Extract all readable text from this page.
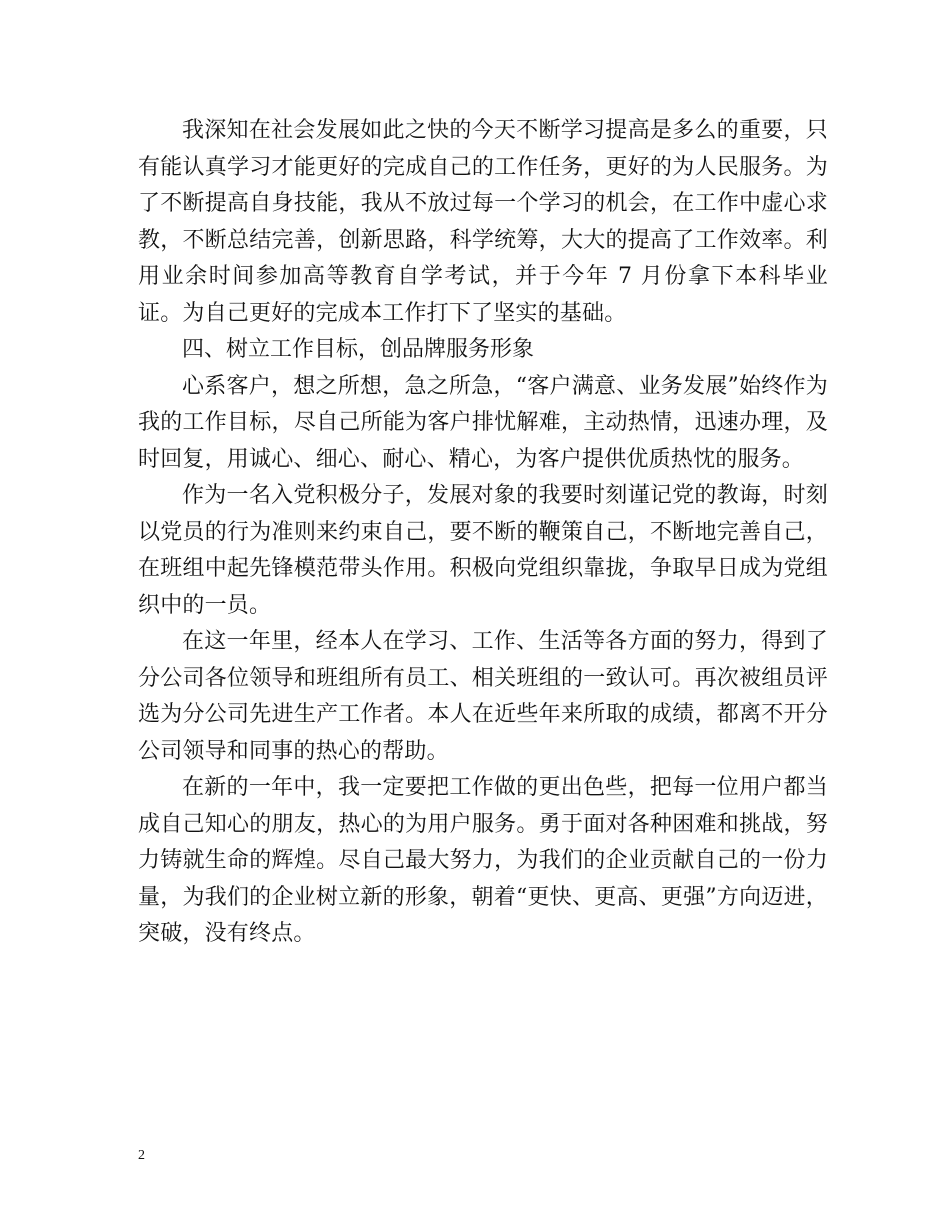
我深知在社会发展如此之快的今天不断学习提高是多么的重要，只有能认真学习才能更好的完成自己的工作任务，更好的为人民服务。为了不断提高自身技能，我从不放过每一个学习的机会，在工作中虚心求教，不断总结完善，创新思路，科学统筹，大大的提高了工作效率。利用业余时间参加高等教育自学考试，并于今年 7 月份拿下本科毕业证。为自己更好的完成本工作打下了坚实的基础。

四、树立工作目标，创品牌服务形象

心系客户，想之所想，急之所急，“客户满意、业务发展”始终作为我的工作目标，尽自己所能为客户排忧解难，主动热情，迅速办理，及时回复，用诚心、细心、耐心、精心，为客户提供优质热忱的服务。

作为一名入党积极分子，发展对象的我要时刻谨记党的教诲，时刻以党员的行为准则来约束自己，要不断的鞭策自己，不断地完善自己，在班组中起先锋模范带头作用。积极向党组织靠拢，争取早日成为党组织中的一员。

在这一年里，经本人在学习、工作、生活等各方面的努力，得到了分公司各位领导和班组所有员工、相关班组的一致认可。再次被组员评选为分公司先进生产工作者。本人在近些年来所取的成绩，都离不开分公司领导和同事的热心的帮助。

在新的一年中，我一定要把工作做的更出色些，把每一位用户都当成自己知心的朋友，热心的为用户服务。勇于面对各种困难和挑战，努力铸就生命的辉煌。尽自己最大努力，为我们的企业贡献自己的一份力量，为我们的企业树立新的形象，朝着“更快、更高、更强”方向迈进，突破，没有终点。

2
